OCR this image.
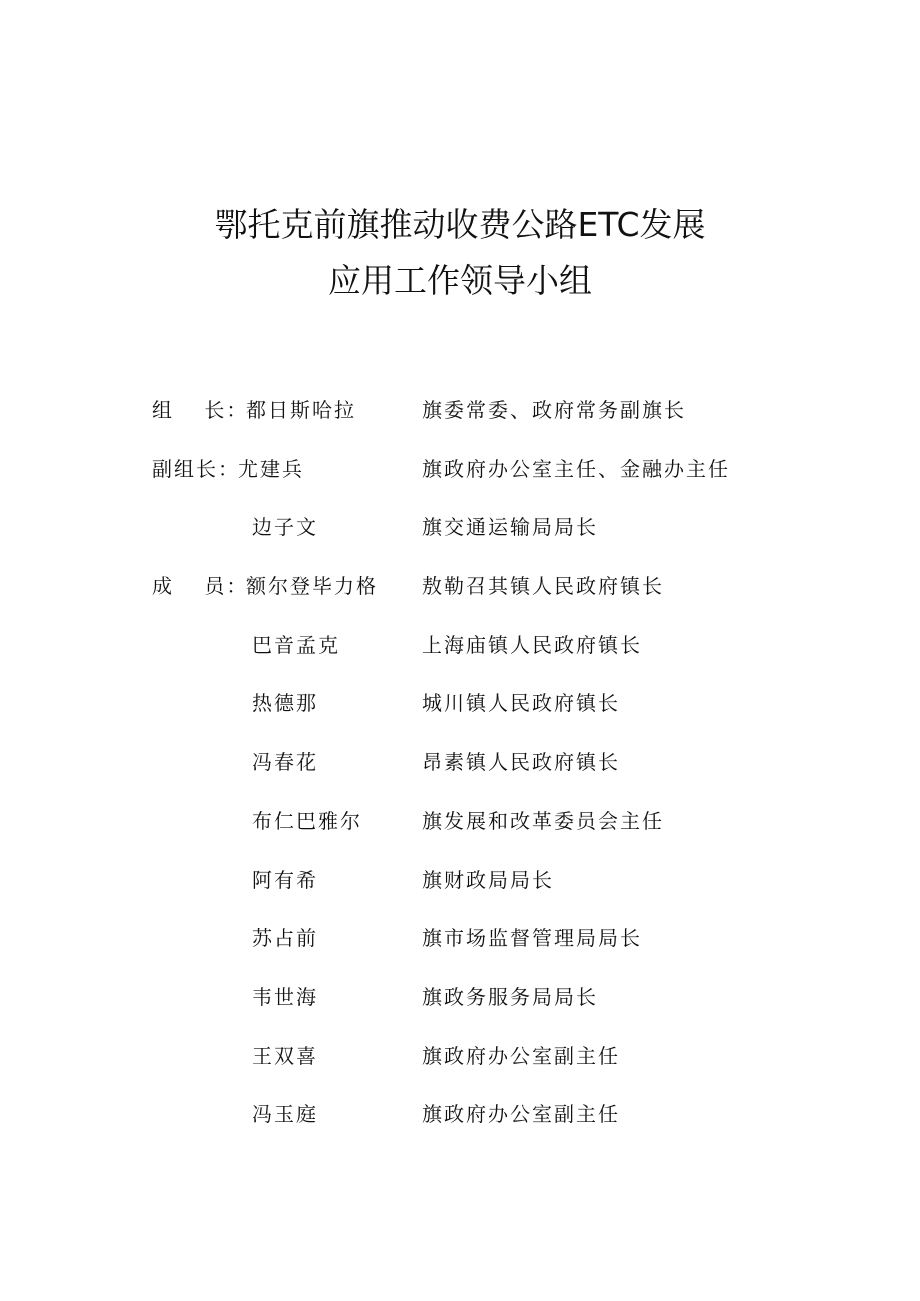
鄂托克前旗推动收费公路ETC发展
应用工作领导小组
组　 长：
都日斯哈拉	旗委常委、政府常务副旗长
副组长：
尤建兵	旗政府办公室主任、金融办主任
边子文	旗交通运输局局长
成　 员：
额尔登毕力格 敖勒召其镇人民政府镇长
巴音孟克	上海庙镇人民政府镇长
热德那	城川镇人民政府镇长
冯春花	昂素镇人民政府镇长
布仁巴雅尔	旗发展和改革委员会主任
阿有希	旗财政局局长
苏占前	旗市场监督管理局局长
韦世海	旗政务服务局局长
王双喜	旗政府办公室副主任
冯玉庭	旗政府办公室副主任
